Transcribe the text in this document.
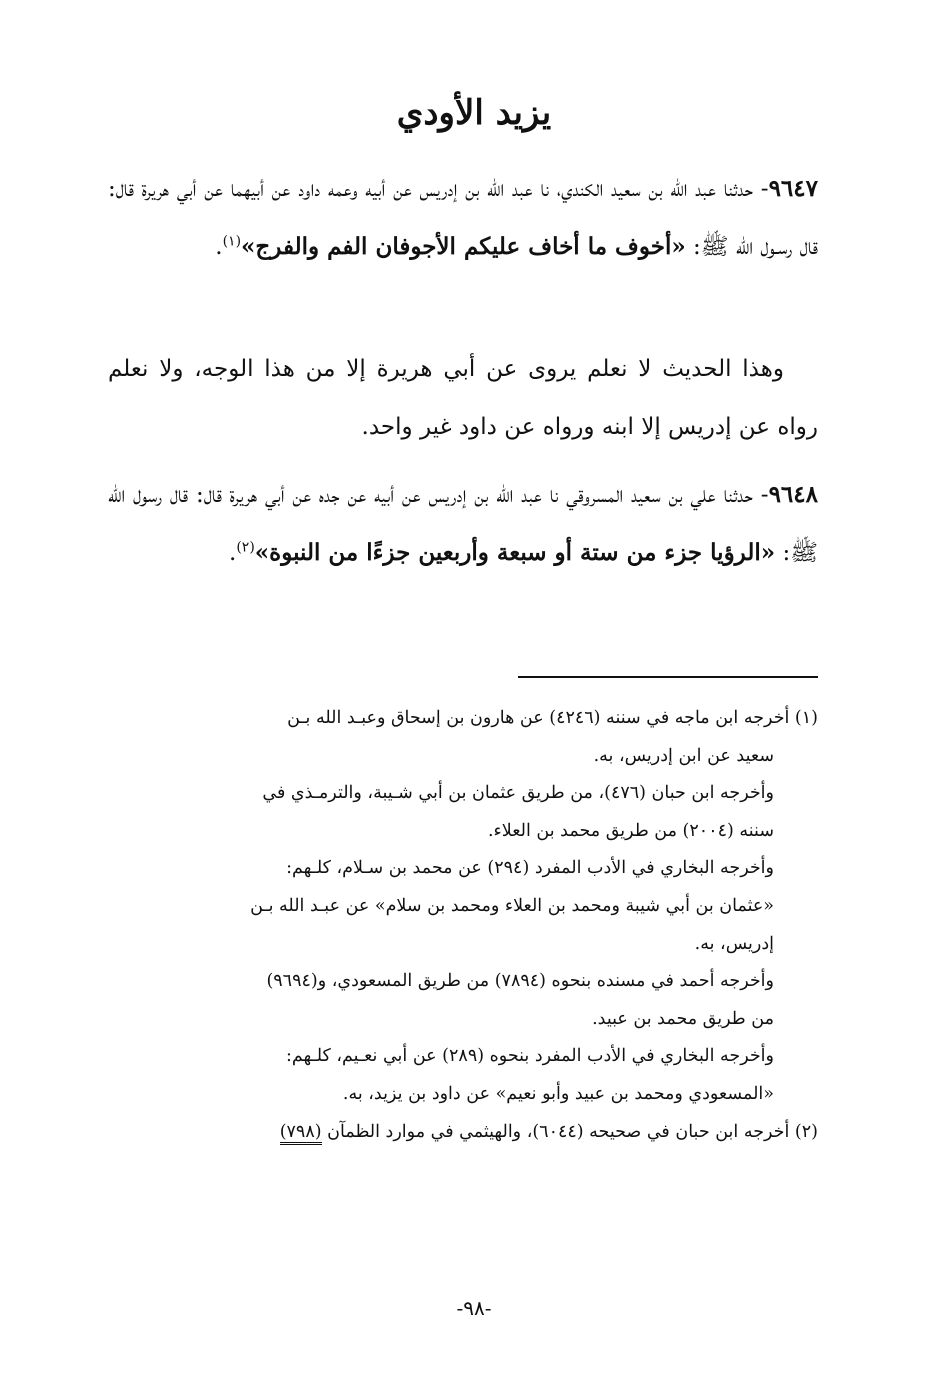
يزيد الأودي

٩٦٤٧- حدثنا عبد الله بن سعيد الكندي، نا عبد الله بن إدريس عن أبيه وعمه داود عن أبيهما عن أبي هريرة قال: قال رسـول الله ﷺ: «أخوف ما أخاف عليكم الأجوفان الفم والفرج»$^{(١)}$.

وهذا الحديث لا نعلم يروى عن أبي هريرة إلا من هذا الوجه، ولا نعلم رواه عن إدريس إلا ابنه ورواه عن داود غير واحد.

٩٦٤٨- حدثنا علي بن سعيد المسروقي نا عبد الله بن إدريس عن أبيه عن جده عن أبي هريرة قال: قال رسول الله ﷺ: «الرؤيا جزء من ستة أو سبعة وأربعين جزءًا من النبوة»$^{(٢)}$.

(١) أخرجه ابن ماجه في سننه (٤٢٤٦) عن هارون بن إسحاق وعبـد الله بـن
سعيد عن ابن إدريس، به.
وأخرجه ابن حبان (٤٧٦)، من طريق عثمان بن أبي شـيبة، والترمـذي في
سننه (٢٠٠٤) من طريق محمد بن العلاء.
وأخرجه البخاري في الأدب المفرد (٢٩٤) عن محمد بن سـلام، كلـهم:
«عثمان بن أبي شيبة ومحمد بن العلاء ومحمد بن سلام» عن عبـد الله بـن
إدريس، به.
وأخرجه أحمد في مسنده بنحوه (٧٨٩٤) من طريق المسعودي، و(٩٦٩٤)
من طريق محمد بن عبيد.
وأخرجه البخاري في الأدب المفرد بنحوه (٢٨٩) عن أبي نعـيم، كلـهم:
«المسعودي ومحمد بن عبيد وأبو نعيم» عن داود بن يزيد، به.
(٢) أخرجه ابن حبان في صحيحه (٦٠٤٤)، والهيثمي في موارد الظمآن (٧٩٨)
-٩٨-
